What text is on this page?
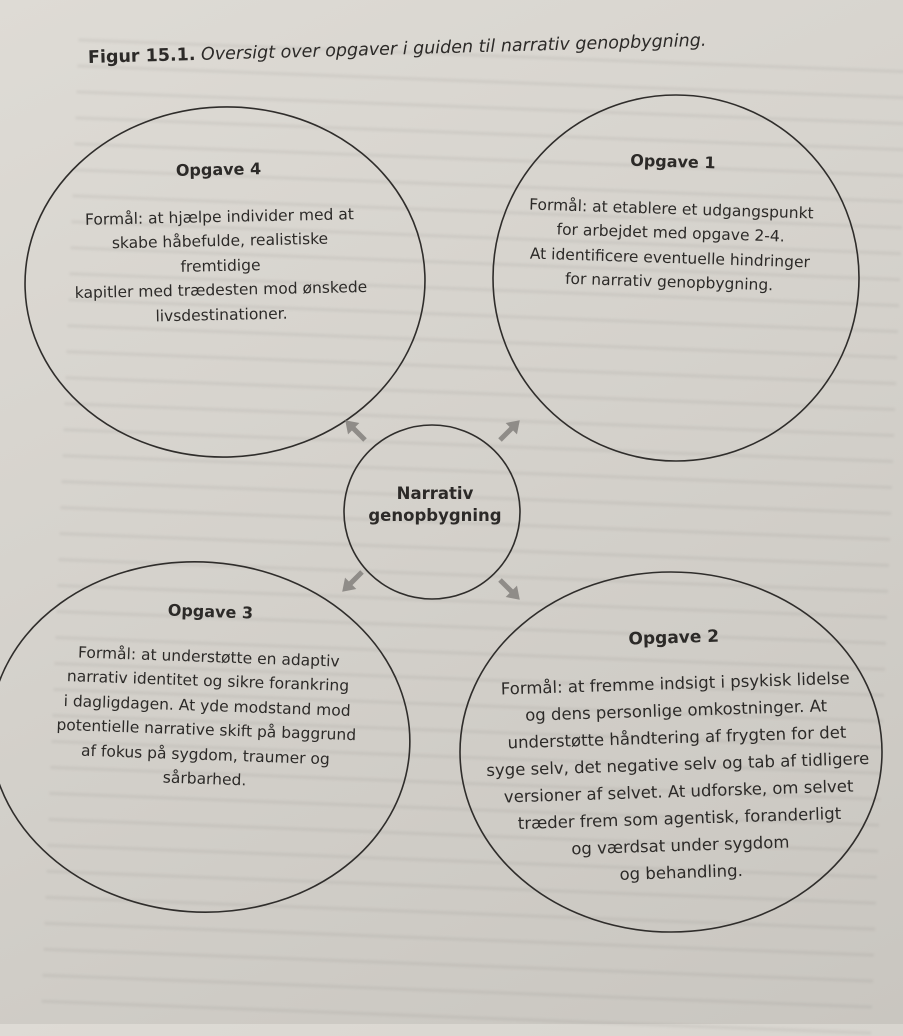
Figur 15.1. Oversigt over opgaver i guiden til narrativ genopbygning.
Opgave 4
Formål: at hjælpe individer med at
skabe håbefulde, realistiske fremtidige
kapitler med trædesten mod ønskede
livsdestinationer.
Opgave 1
Formål: at etablere et udgangspunkt
for arbejdet med opgave 2-4.
At identificere eventuelle hindringer
for narrativ genopbygning.
Opgave 3
Formål: at understøtte en adaptiv
narrativ identitet og sikre forankring
i dagligdagen. At yde modstand mod
potentielle narrative skift på baggrund
af fokus på sygdom, traumer og
sårbarhed.
Opgave 2
Formål: at fremme indsigt i psykisk lidelse
og dens personlige omkostninger. At
understøtte håndtering af frygten for det
syge selv, det negative selv og tab af tidligere
versioner af selvet. At udforske, om selvet
træder frem som agentisk, foranderligt
og værdsat under sygdom
og behandling.
Narrativ
genopbygning
